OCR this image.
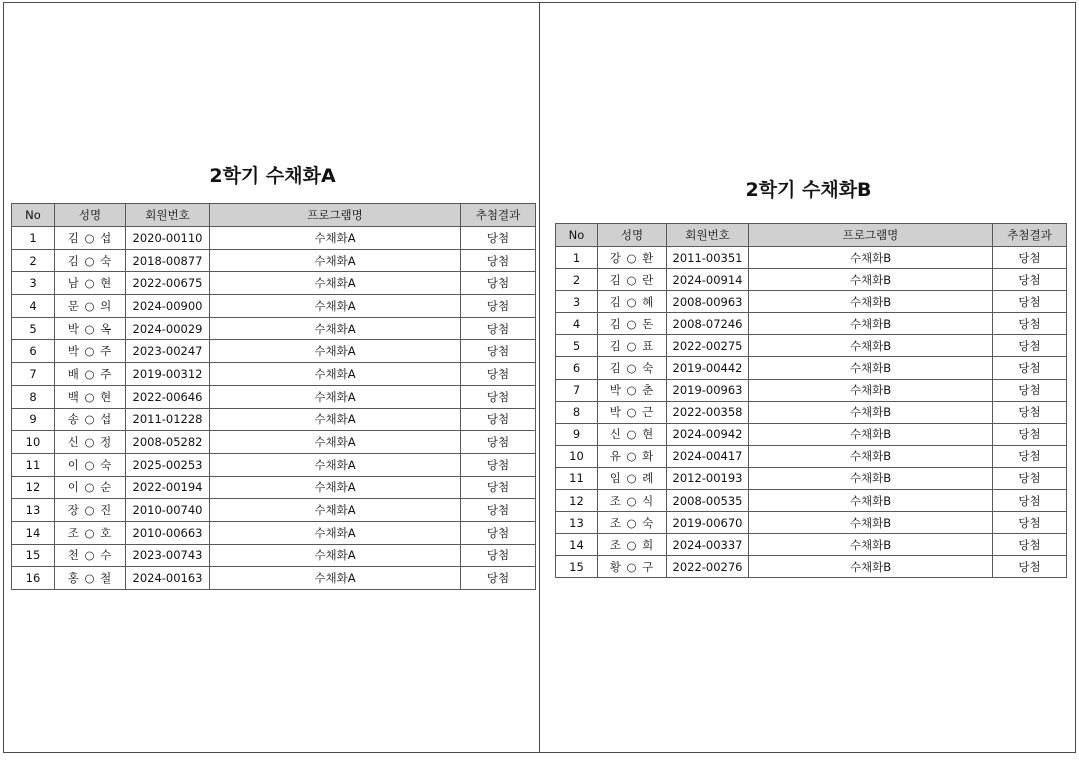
2학기 수채화A
No	성명	회원번호	프로그램명	추첨결과
1	김 ○ 섭	2020-00110	수채화A	당첨
2	김 ○ 숙	2018-00877	수채화A	당첨
3	남 ○ 현	2022-00675	수채화A	당첨
4	문 ○ 의	2024-00900	수채화A	당첨
5	박 ○ 옥	2024-00029	수채화A	당첨
6	박 ○ 주	2023-00247	수채화A	당첨
7	배 ○ 주	2019-00312	수채화A	당첨
8	백 ○ 현	2022-00646	수채화A	당첨
9	송 ○ 섭	2011-01228	수채화A	당첨
10	신 ○ 정	2008-05282	수채화A	당첨
11	이 ○ 숙	2025-00253	수채화A	당첨
12	이 ○ 순	2022-00194	수채화A	당첨
13	장 ○ 진	2010-00740	수채화A	당첨
14	조 ○ 호	2010-00663	수채화A	당첨
15	천 ○ 수	2023-00743	수채화A	당첨
16	홍 ○ 철	2024-00163	수채화A	당첨
2학기 수채화B
No	성명	회원번호	프로그램명	추첨결과
1	강 ○ 환	2011-00351	수채화B	당첨
2	김 ○ 란	2024-00914	수채화B	당첨
3	김 ○ 혜	2008-00963	수채화B	당첨
4	김 ○ 돈	2008-07246	수채화B	당첨
5	김 ○ 표	2022-00275	수채화B	당첨
6	김 ○ 숙	2019-00442	수채화B	당첨
7	박 ○ 춘	2019-00963	수채화B	당첨
8	박 ○ 근	2022-00358	수채화B	당첨
9	신 ○ 현	2024-00942	수채화B	당첨
10	유 ○ 화	2024-00417	수채화B	당첨
11	임 ○ 례	2012-00193	수채화B	당첨
12	조 ○ 식	2008-00535	수채화B	당첨
13	조 ○ 숙	2019-00670	수채화B	당첨
14	조 ○ 희	2024-00337	수채화B	당첨
15	황 ○ 구	2022-00276	수채화B	당첨
